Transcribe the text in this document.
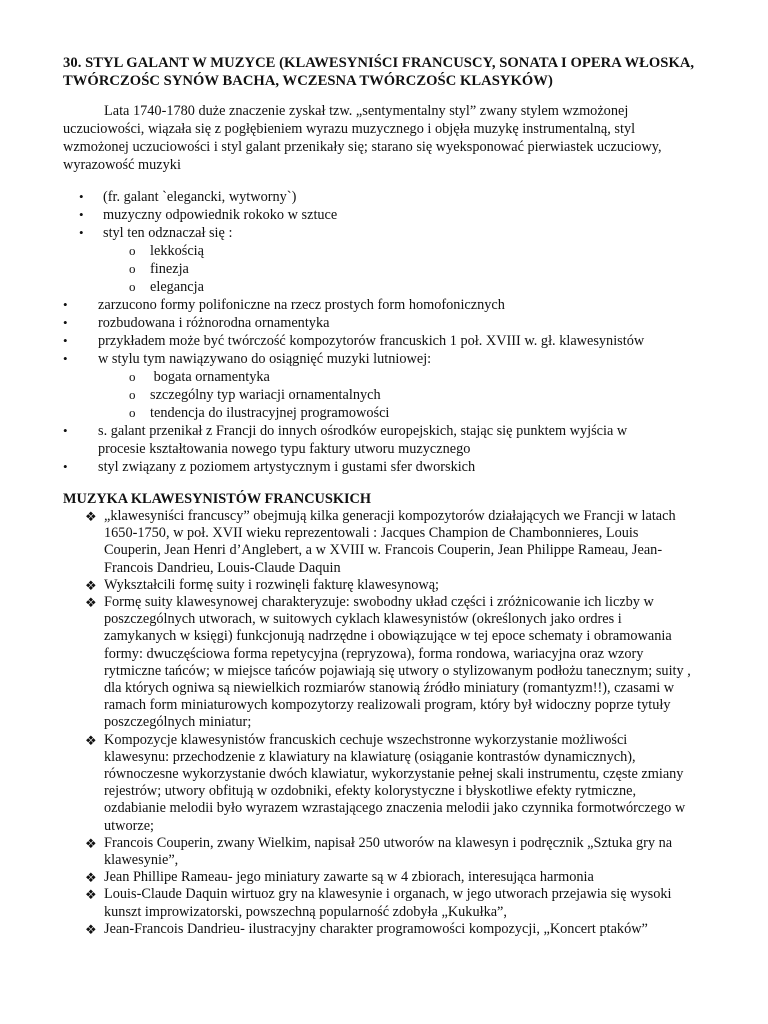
30. STYL GALANT W MUZYCE (KLAWESYNIŚCI FRANCUSCY, SONATA I OPERA WŁOSKA, TWÓRCZOŚC SYNÓW BACHA, WCZESNA TWÓRCZOŚC KLASYKÓW)
Lata 1740-1780 duże znaczenie zyskał tzw. „sentymentalny styl” zwany stylem wzmożonej uczuciowości, wiązała się z pogłębieniem wyrazu muzycznego i objęła muzykę instrumentalną, styl wzmożonej uczuciowości i styl galant przenikały się; starano się wyeksponować pierwiastek uczuciowy, wyrazowość muzyki
• (fr. galant `elegancki, wytworny`)
• muzyczny odpowiednik rokoko w sztuce
• styl ten odznaczał się :
o lekkością
o finezja
o elegancja
• zarzucono formy polifoniczne na rzecz prostych form homofonicznych
• rozbudowana i różnorodna ornamentyka
• przykładem może być twórczość kompozytorów francuskich 1 poł. XVIII w. gł. klawesynistów
• w stylu tym nawiązywano do osiągnięć muzyki lutniowej:
o bogata ornamentyka
o szczególny typ wariacji ornamentalnych
o tendencja do ilustracyjnej programowości
• s. galant przenikał z Francji do innych ośrodków europejskich, stając się punktem wyjścia w
procesie kształtowania nowego typu faktury utworu muzycznego
• styl związany z poziomem artystycznym i gustami sfer dworskich
MUZYKA KLAWESYNISTÓW FRANCUSKICH
❖ „klawesyniści francuscy” obejmują kilka generacji kompozytorów działających we Francji w latach 1650-1750, w poł. XVII wieku reprezentowali : Jacques Champion de Chambonnieres, Louis Couperin, Jean Henri d’Anglebert, a w XVIII w. Francois Couperin, Jean Philippe Rameau, Jean-Francois Dandrieu, Louis-Claude Daquin
❖ Wykształcili formę suity i rozwinęli fakturę klawesynową;
❖ Formę suity klawesynowej charakteryzuje: swobodny układ części i zróżnicowanie ich liczby w poszczególnych utworach, w suitowych cyklach klawesynistów (określonych jako ordres i zamykanych w księgi) funkcjonują nadrzędne i obowiązujące w tej epoce schematy i obramowania formy: dwuczęściowa forma repetycyjna (repryzowa), forma rondowa, wariacyjna oraz wzory rytmiczne tańców; w miejsce tańców pojawiają się utwory o stylizowanym podłożu tanecznym; suity , dla których ogniwa są niewielkich rozmiarów stanowią źródło miniatury (romantyzm!!), czasami w ramach form miniaturowych kompozytorzy realizowali program, który był widoczny poprze tytuły poszczególnych miniatur;
❖ Kompozycje klawesynistów francuskich cechuje wszechstronne wykorzystanie możliwości klawesynu: przechodzenie z klawiatury na klawiaturę (osiąganie kontrastów dynamicznych), równoczesne wykorzystanie dwóch klawiatur, wykorzystanie pełnej skali instrumentu, częste zmiany rejestrów; utwory obfitują w ozdobniki, efekty kolorystyczne i błyskotliwe efekty rytmiczne, ozdabianie melodii było wyrazem wzrastającego znaczenia melodii jako czynnika formotwórczego w utworze;
❖ Francois Couperin, zwany Wielkim, napisał 250 utworów na klawesyn i podręcznik „Sztuka gry na klawesynie”,
❖ Jean Phillipe Rameau- jego miniatury zawarte są w 4 zbiorach, interesująca harmonia
❖ Louis-Claude Daquin wirtuoz gry na klawesynie i organach, w jego utworach przejawia się wysoki kunszt improwizatorski, powszechną popularność zdobyła „Kukułka”,
❖ Jean-Francois Dandrieu- ilustracyjny charakter programowości kompozycji, „Koncert ptaków”
